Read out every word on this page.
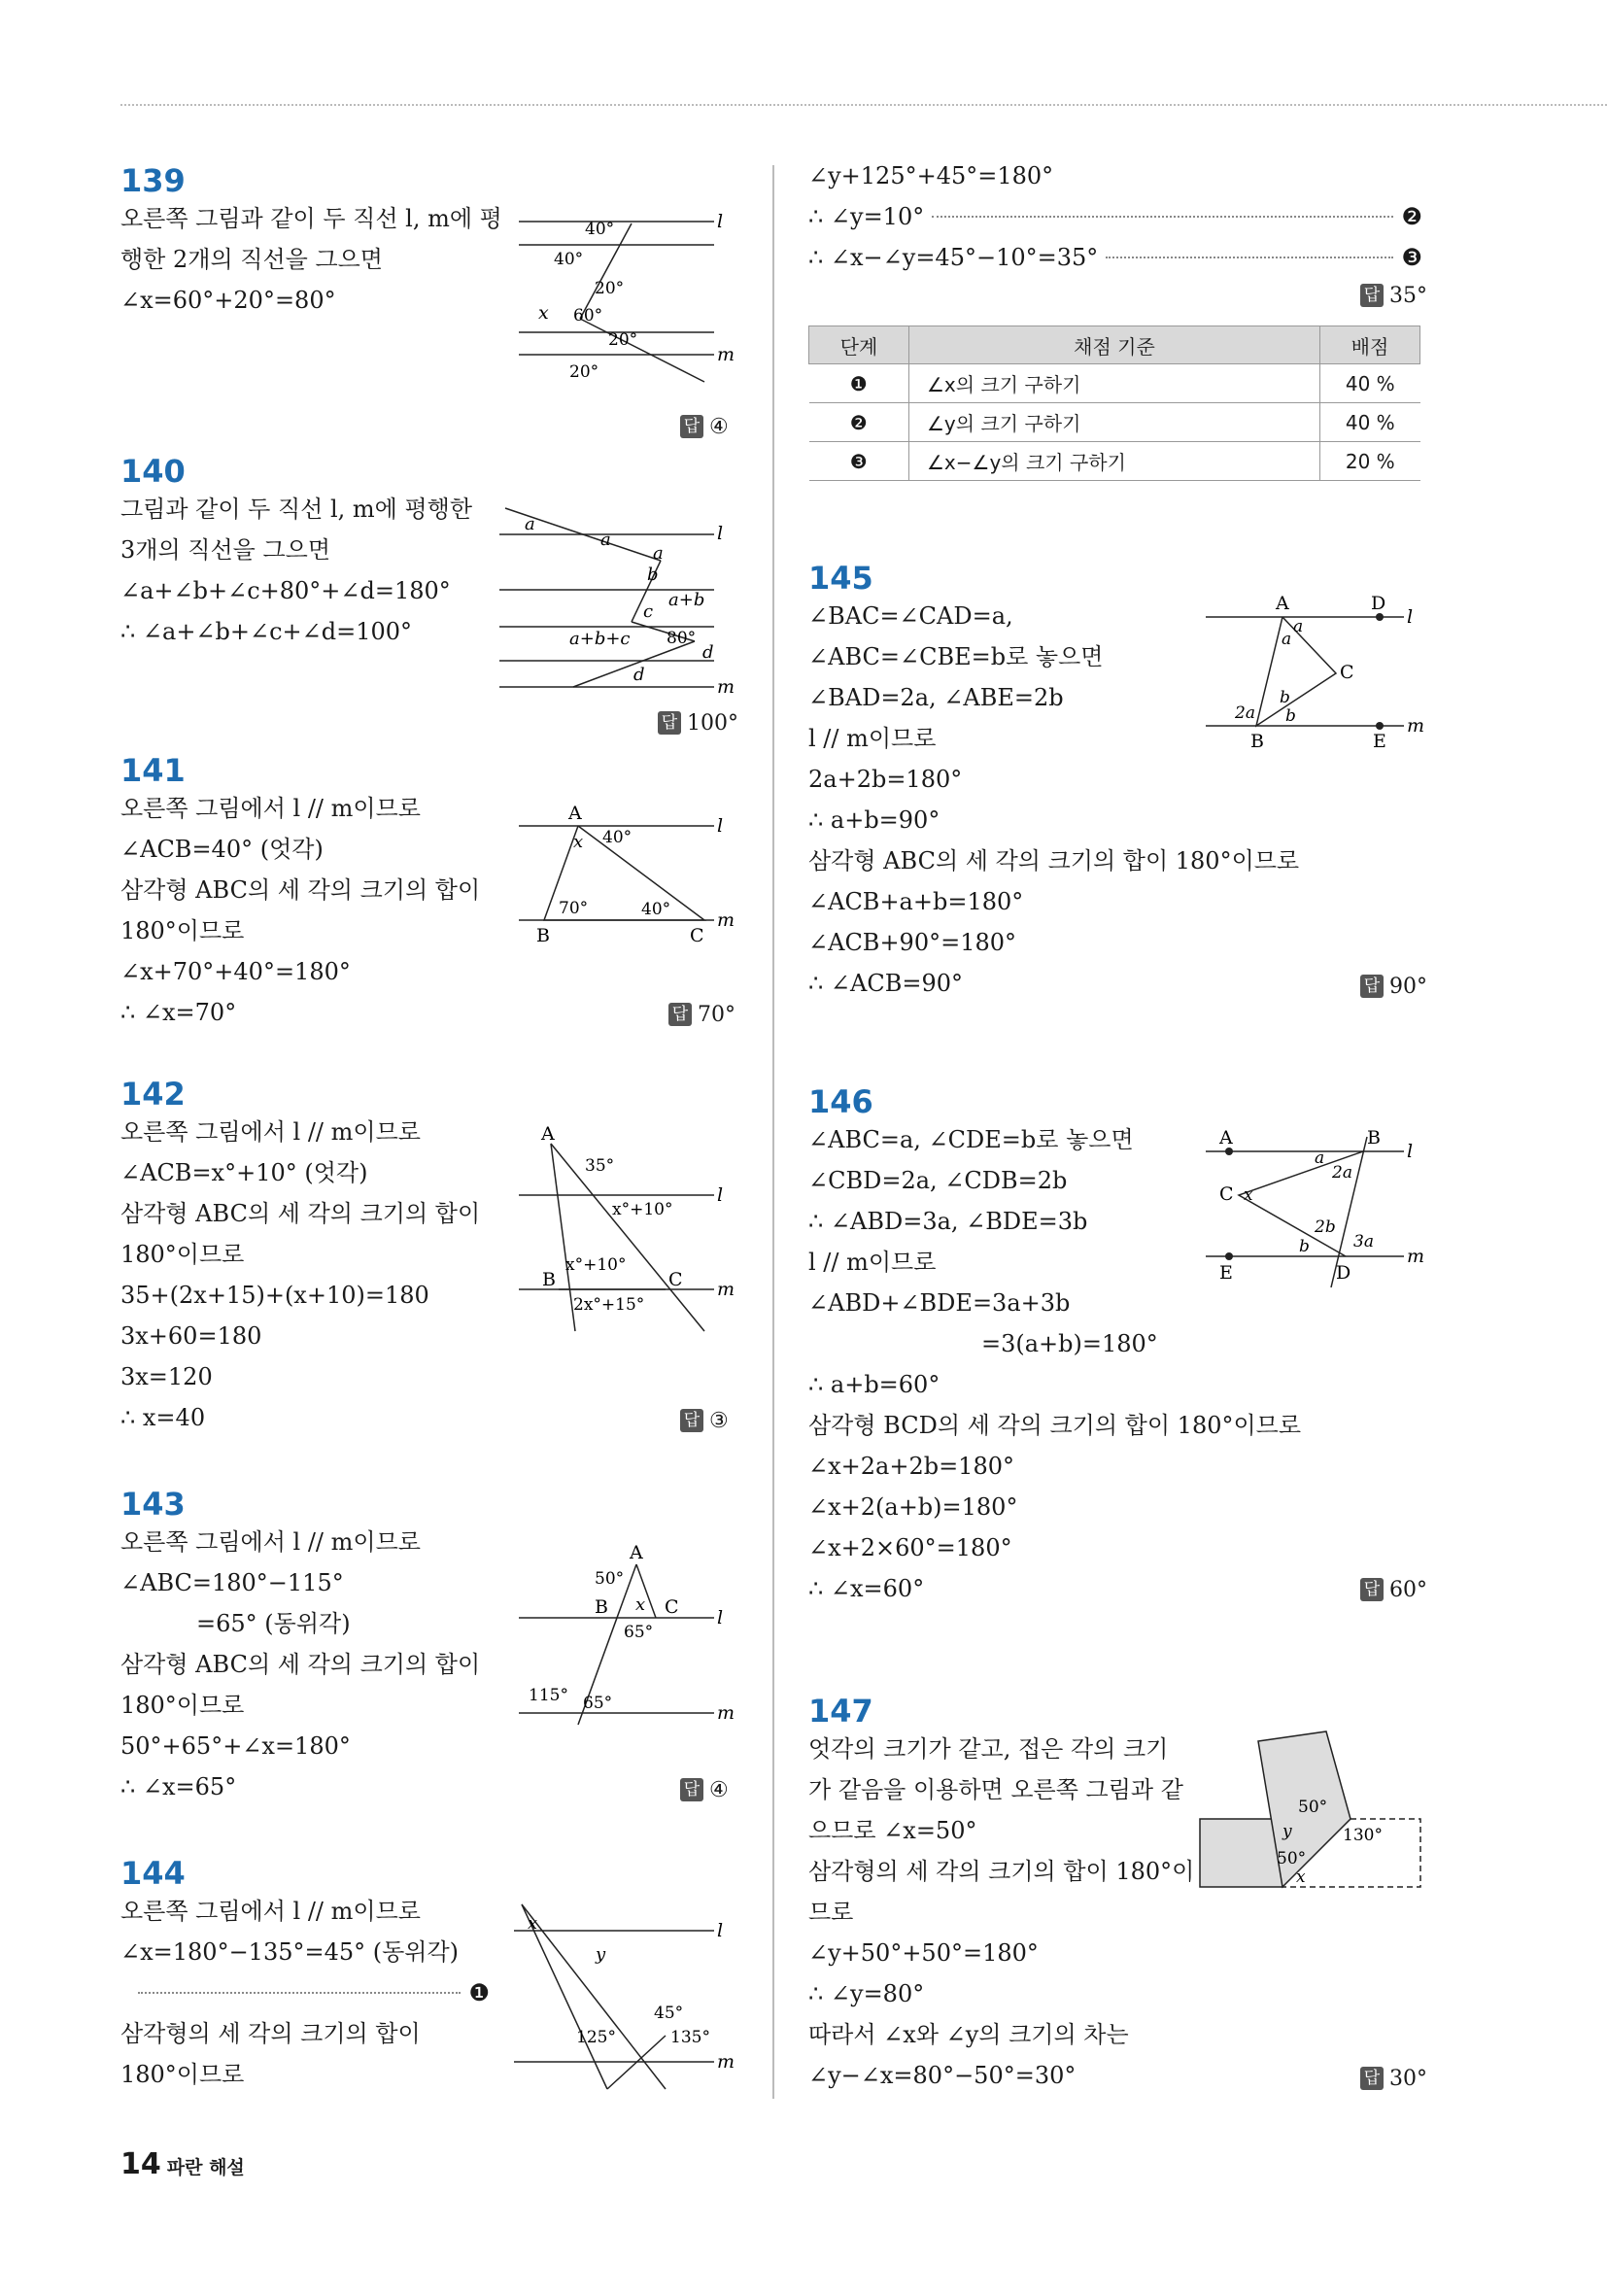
139
오른쪽 그림과 같이 두 직선 l, m에 평
행한 2개의 직선을 그으면
∠x=60°+20°=80°
40°
40°
20°
x 60°
20°
20°
l
m
답 ④
140
그림과 같이 두 직선 l, m에 평행한
3개의 직선을 그으면
∠a+∠b+∠c+80°+∠d=180°
∴ ∠a+∠b+∠c+∠d=100°
a
a
a
b
a+b
c
a+b+c 80°
d
d
l
m
답 100°
141
오른쪽 그림에서 l // m이므로
∠ACB=40° (엇각)
삼각형 ABC의 세 각의 크기의 합이
180°이므로
∠x+70°+40°=180°
∴ ∠x=70°
A
x 40°
70°	40°
B	C
l
m
답 70°
142
오른쪽 그림에서 l // m이므로
∠ACB=x°+10° (엇각)
삼각형 ABC의 세 각의 크기의 합이
180°이므로
35+(2x+15)+(x+10)=180
3x+60=180
3x=120
∴ x=40
A
35°
x°+10°
x°+10°
B	C
2x°+15°
l
m
답 ③
143
오른쪽 그림에서 l // m이므로
∠ABC=180°−115°
=65° (동위각)
삼각형 ABC의 세 각의 크기의 합이
180°이므로
50°+65°+∠x=180°
∴ ∠x=65°
A
50°
B x C
65°
115° 65°
l
m
답 ④
144
오른쪽 그림에서 l // m이므로
∠x=180°−135°=45° (동위각)
❶
삼각형의 세 각의 크기의 합이
180°이므로
x
y
45°
125°	135°
l
m
∠y+125°+45°=180°
∴ ∠y=10°	❷
∴ ∠x−∠y=45°−10°=35°	❸
답 35°
단계	채점 기준	배점
❶	∠x의 크기 구하기	40 %
❷	∠y의 크기 구하기	40 %
❸	∠x−∠y의 크기 구하기	20 %
145
∠BAC=∠CAD=a,
∠ABC=∠CBE=b로 놓으면
∠BAD=2a, ∠ABE=2b
l // m이므로
2a+2b=180°
∴ a+b=90°
삼각형 ABC의 세 각의 크기의 합이 180°이므로
∠ACB+a+b=180°
∠ACB+90°=180°
∴ ∠ACB=90°
A	D
l
a
a
C
b
b
2a
m
B	E
답 90°
146
∠ABC=a, ∠CDE=b로 놓으면
∠CBD=2a, ∠CDB=2b
∴ ∠ABD=3a, ∠BDE=3b
l // m이므로
∠ABD+∠BDE=3a+3b
=3(a+b)=180°
∴ a+b=60°
삼각형 BCD의 세 각의 크기의 합이 180°이므로
∠x+2a+2b=180°
∠x+2(a+b)=180°
∠x+2×60°=180°
∴ ∠x=60°
A	B
l
a
2a
C x
2b
b	3a
m
E	D
답 60°
147
엇각의 크기가 같고, 접은 각의 크기
가 같음을 이용하면 오른쪽 그림과 같
으므로 ∠x=50°
삼각형의 세 각의 크기의 합이 180°이
므로
∠y+50°+50°=180°
∴ ∠y=80°
따라서 ∠x와 ∠y의 크기의 차는
∠y−∠x=80°−50°=30°
50°
y	130°
50°
x
답 30°
14 파란 해설
